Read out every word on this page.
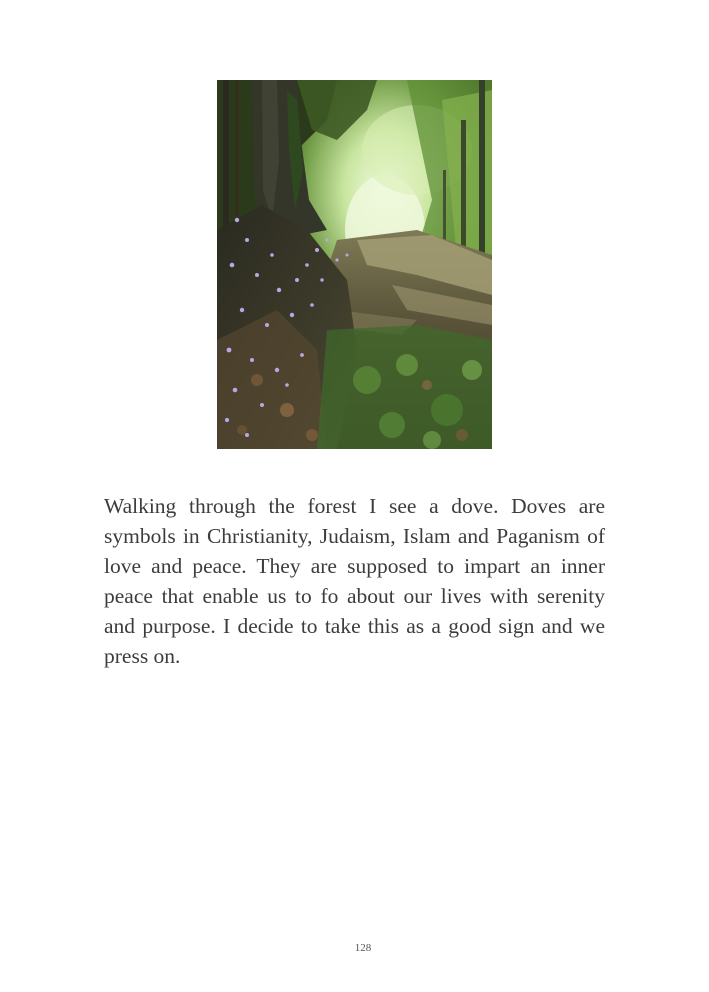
Walking through the forest I see a dove. Doves are symbols in Christianity, Judaism, Islam and Paganism of love and peace. They are supposed to impart an inner peace that enable us to fo about our lives with serenity and purpose. I decide to take this as a good sign and we press on.

128
